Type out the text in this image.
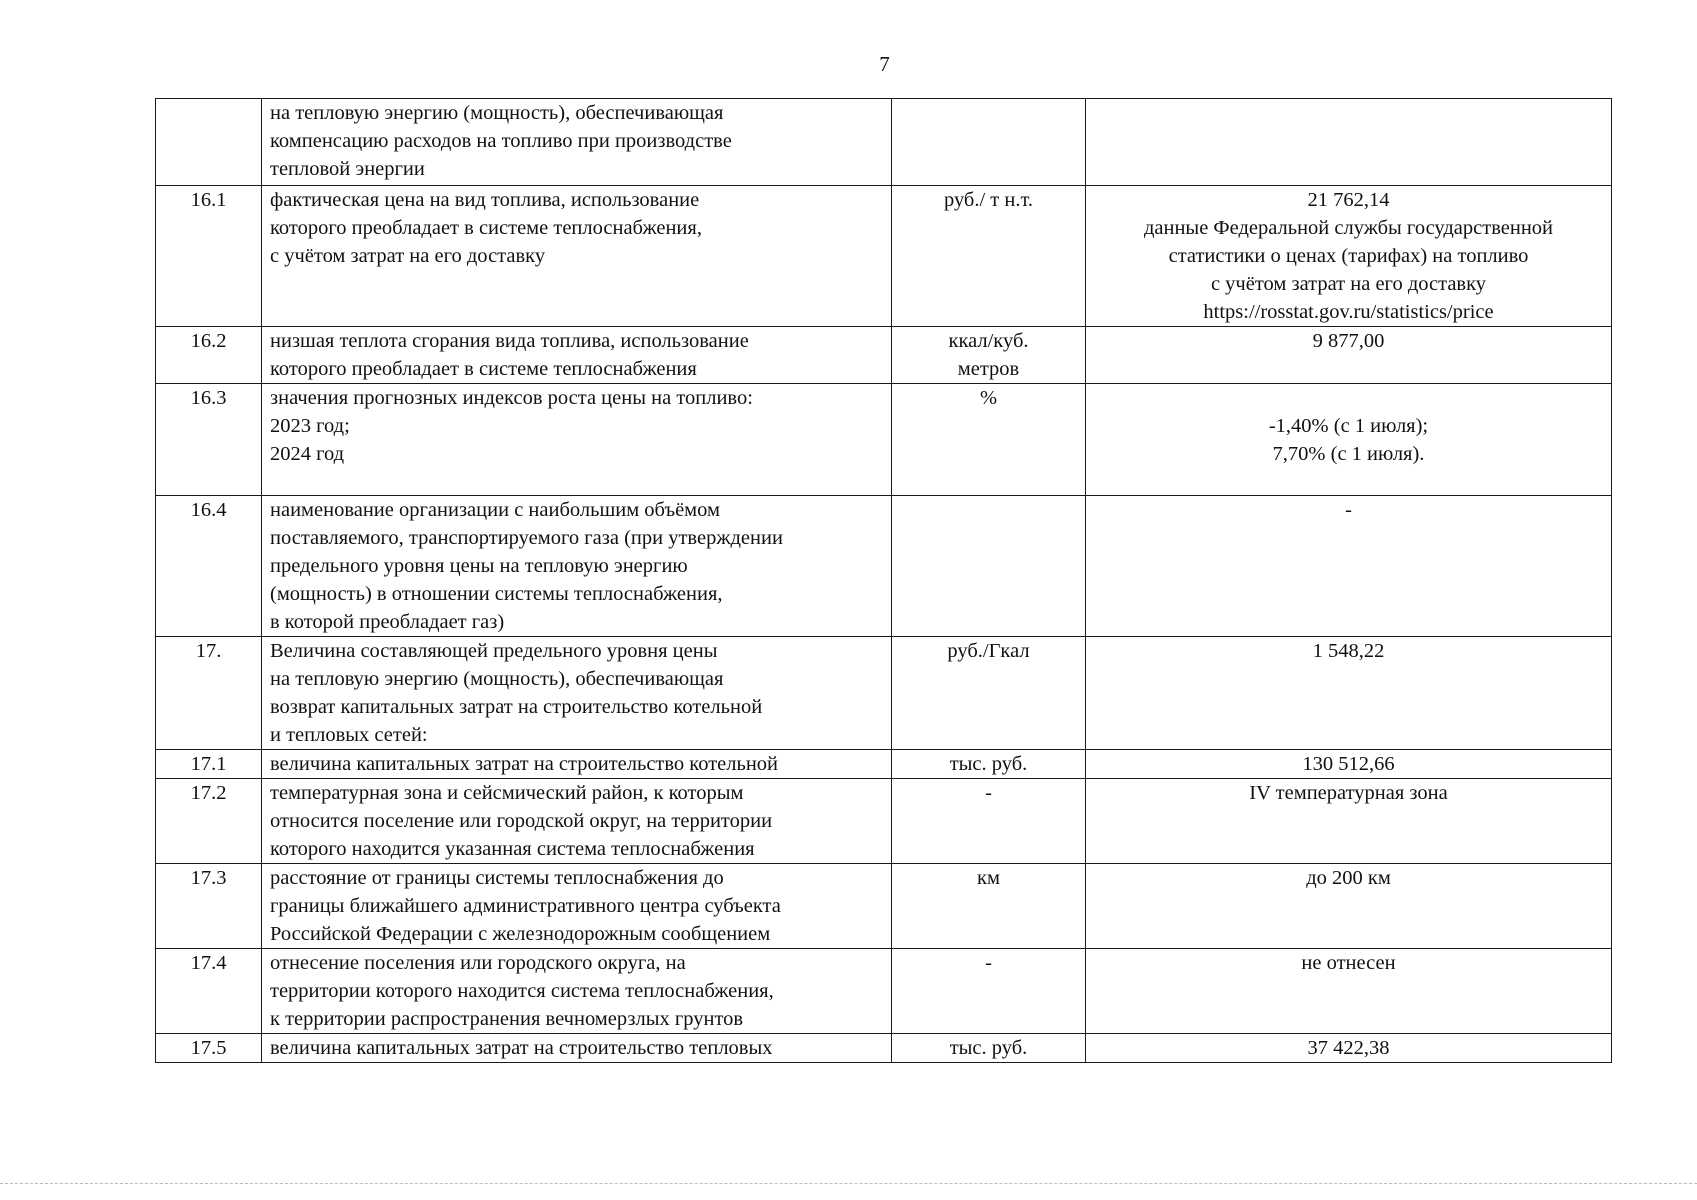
7

	на тепловую энергию (мощность), обеспечивающая
компенсацию расходов на топливо при производстве
тепловой энергии		

16.1	фактическая цена на вид топлива, использование
которого преобладает в системе теплоснабжения,
с учётом затрат на его доставку	руб./ т н.т.	21 762,14
данные Федеральной службы государственной
статистики о ценах (тарифах) на топливо
с учётом затрат на его доставку
https://rosstat.gov.ru/statistics/price

16.2	низшая теплота сгорания вида топлива, использование
которого преобладает в системе теплоснабжения	ккал/куб.
метров	9 877,00

16.3	значения прогнозных индексов роста цены на топливо:
2023 год;
2024 год	%	-1,40% (с 1 июля);
7,70% (с 1 июля).

16.4	наименование организации с наибольшим объёмом
поставляемого, транспортируемого газа (при утверждении
предельного уровня цены на тепловую энергию
(мощность) в отношении системы теплоснабжения,
в которой преобладает газ)		-

17.	Величина составляющей предельного уровня цены
на тепловую энергию (мощность), обеспечивающая
возврат капитальных затрат на строительство котельной
и тепловых сетей:	руб./Гкал	1 548,22

17.1	величина капитальных затрат на строительство котельной	тыс. руб.	130 512,66

17.2	температурная зона и сейсмический район, к которым
относится поселение или городской округ, на территории
которого находится указанная система теплоснабжения	-	IV температурная зона

17.3	расстояние от границы системы теплоснабжения до
границы ближайшего административного центра субъекта
Российской Федерации с железнодорожным сообщением	км	до 200 км

17.4	отнесение поселения или городского округа, на
территории которого находится система теплоснабжения,
к территории распространения вечномерзлых грунтов	-	не отнесен

17.5	величина капитальных затрат на строительство тепловых	тыс. руб.	37 422,38
